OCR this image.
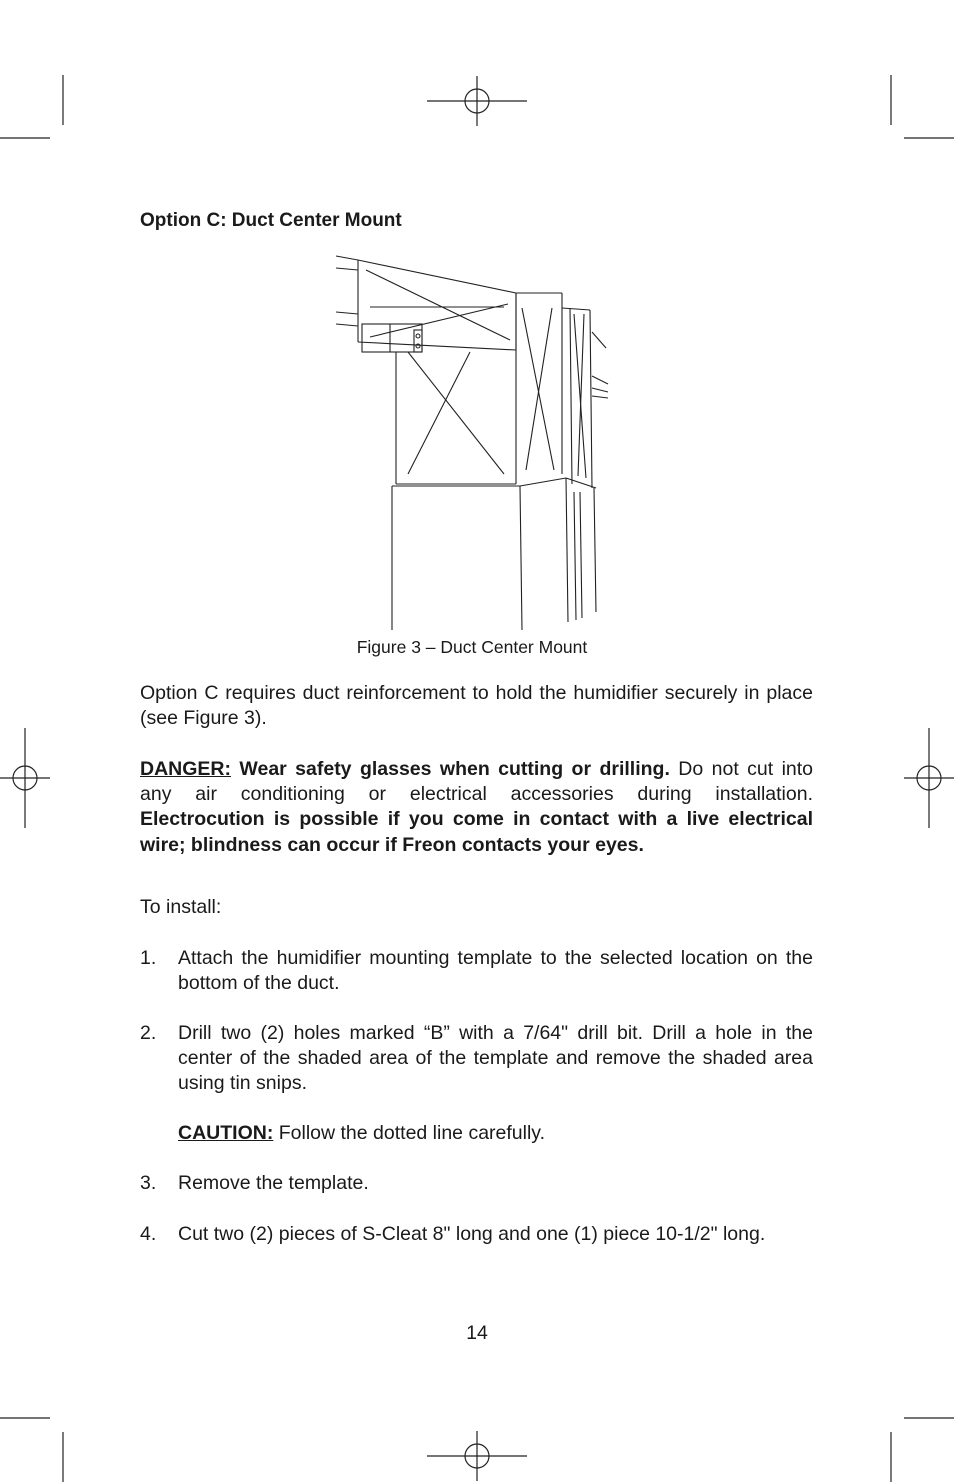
Option C: Duct Center Mount
Figure 3 – Duct Center Mount

Option C requires duct reinforcement to hold the humidifier securely in place (see Figure 3).

DANGER: Wear safety glasses when cutting or drilling. Do not cut into any air conditioning or electrical accessories during installation. Electrocution is possible if you come in contact with a live electrical wire; blindness can occur if Freon contacts your eyes.

To install:

1. Attach the humidifier mounting template to the selected location on the bottom of the duct.
2. Drill two (2) holes marked “B” with a 7/64" drill bit. Drill a hole in the center of the shaded area of the template and remove the shaded area using tin snips.
CAUTION: Follow the dotted line carefully.
3. Remove the template.
4. Cut two (2) pieces of S-Cleat 8" long and one (1) piece 10-1/2" long.
14
